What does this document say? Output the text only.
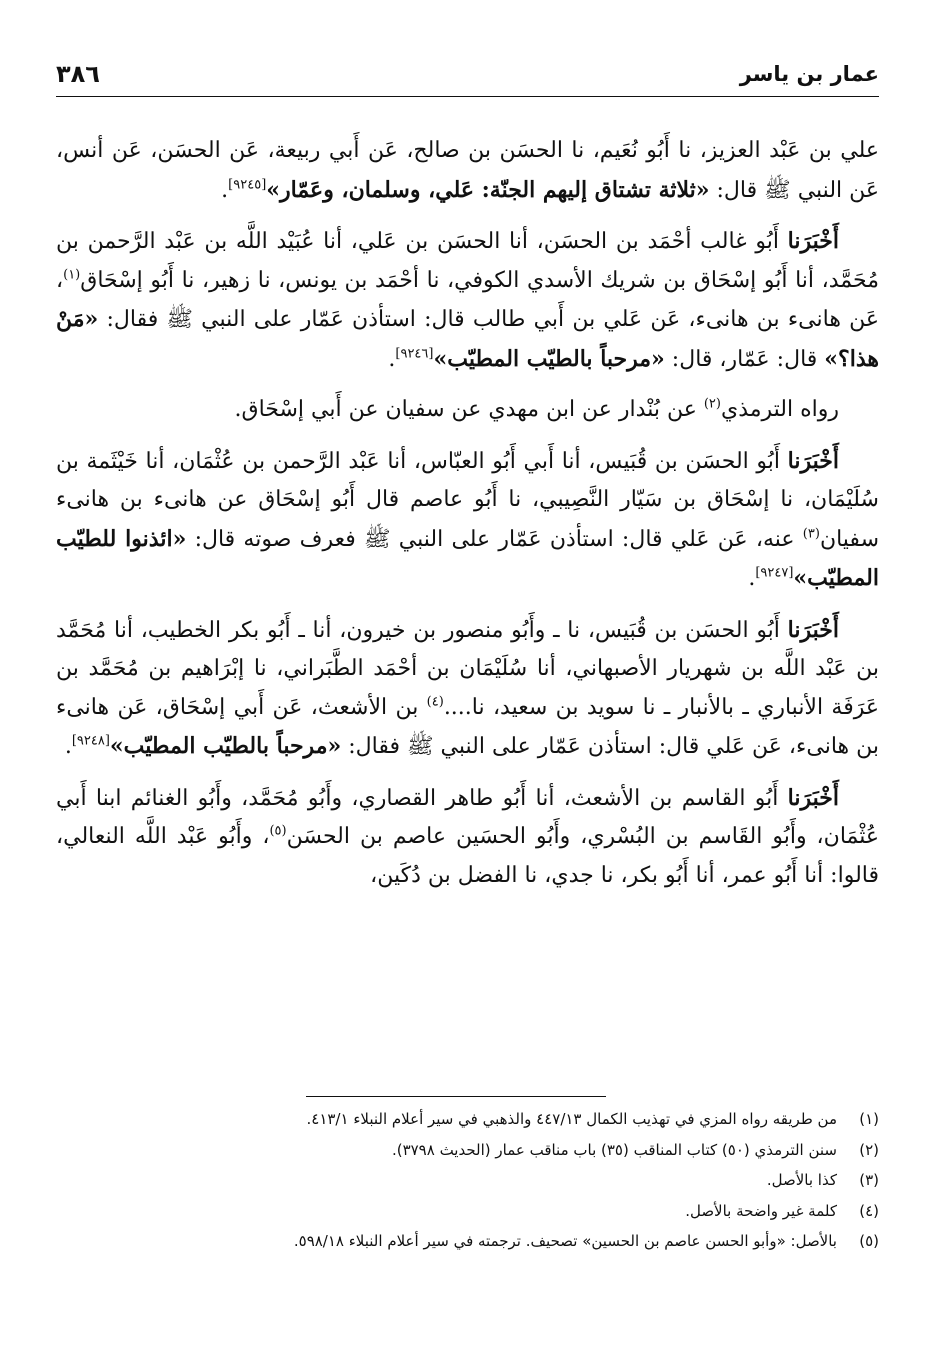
عمار بن ياسر
٣٨٦

علي بن عَبْد العزيز، نا أَبُو نُعَيم، نا الحسَن بن صالح، عَن أَبي ربيعة، عَن الحسَن، عَن أنس، عَن النبي ﷺ قال: «ثلاثة تشتاق إليهم الجنّة: عَلي، وسلمان، وعَمّار»[٩٢٤٥].

أَخْبَرَنا أَبُو غالب أحْمَد بن الحسَن، أنا الحسَن بن عَلي، أنا عُبَيْد اللَّه بن عَبْد الرَّحمن بن مُحَمَّد، أنا أَبُو إسْحَاق بن شريك الأسدي الكوفي، نا أحْمَد بن يونس، نا زهير، نا أَبُو إسْحَاق$^{(١)}$، عَن هانىء بن هانىء، عَن عَلي بن أَبي طالب قال: استأذن عَمّار على النبي ﷺ فقال: «مَنْ هذا؟» قال: عَمّار، قال: «مرحباً بالطيّب المطيّب»[٩٢٤٦].

رواه الترمذي$^{(٢)}$ عن بُنْدار عن ابن مهدي عن سفيان عن أَبي إسْحَاق.

أَخْبَرَنا أَبُو الحسَن بن قُبَيس، أنا أَبي أَبُو العبّاس، أنا عَبْد الرَّحمن بن عُثْمَان، أنا خَيْثَمة بن سُلَيْمَان، نا إسْحَاق بن سَيّار النَّصِيبي، نا أَبُو عاصم قال أَبُو إسْحَاق عن هانىء بن هانىء سفيان$^{(٣)}$ عنه، عَن عَلي قال: استأذن عَمّار على النبي ﷺ فعرف صوته قال: «ائذنوا للطيّب المطيّب»[٩٢٤٧].

أَخْبَرَنا أَبُو الحسَن بن قُبَيس، نا ـ وأَبُو منصور بن خيرون، أنا ـ أَبُو بكر الخطيب، أنا مُحَمَّد بن عَبْد اللَّه بن شهريار الأصبهاني، أنا سُلَيْمَان بن أحْمَد الطَّبَراني، نا إبْرَاهيم بن مُحَمَّد بن عَرَفَة الأنباري ـ بالأنبار ـ نا سويد بن سعيد، نا....$^{(٤)}$ بن الأشعث، عَن أَبي إسْحَاق، عَن هانىء بن هانىء، عَن عَلي قال: استأذن عَمّار على النبي ﷺ فقال: «مرحباً بالطيّب المطيّب»[٩٢٤٨].

أَخْبَرَنا أَبُو القاسم بن الأشعث، أنا أَبُو طاهر القصاري، وأَبُو مُحَمَّد، وأَبُو الغنائم ابنا أَبي عُثْمَان، وأَبُو القَاسم بن البُسْري، وأَبُو الحسَين عاصم بن الحسَن$^{(٥)}$، وأَبُو عَبْد اللَّه النعالي، قالوا: أنا أَبُو عمر، أنا أَبُو بكر، نا جدي، نا الفضل بن دُكَين،

(١)من طريقه رواه المزي في تهذيب الكمال ٤٤٧/١٣ والذهبي في سير أعلام النبلاء ٤١٣/١.
(٢)سنن الترمذي (٥٠) كتاب المناقب (٣٥) باب مناقب عمار (الحديث ٣٧٩٨).
(٣)كذا بالأصل.
(٤)كلمة غير واضحة بالأصل.
(٥)بالأصل: «وأبو الحسن عاصم بن الحسين» تصحيف. ترجمته في سير أعلام النبلاء ٥٩٨/١٨.
